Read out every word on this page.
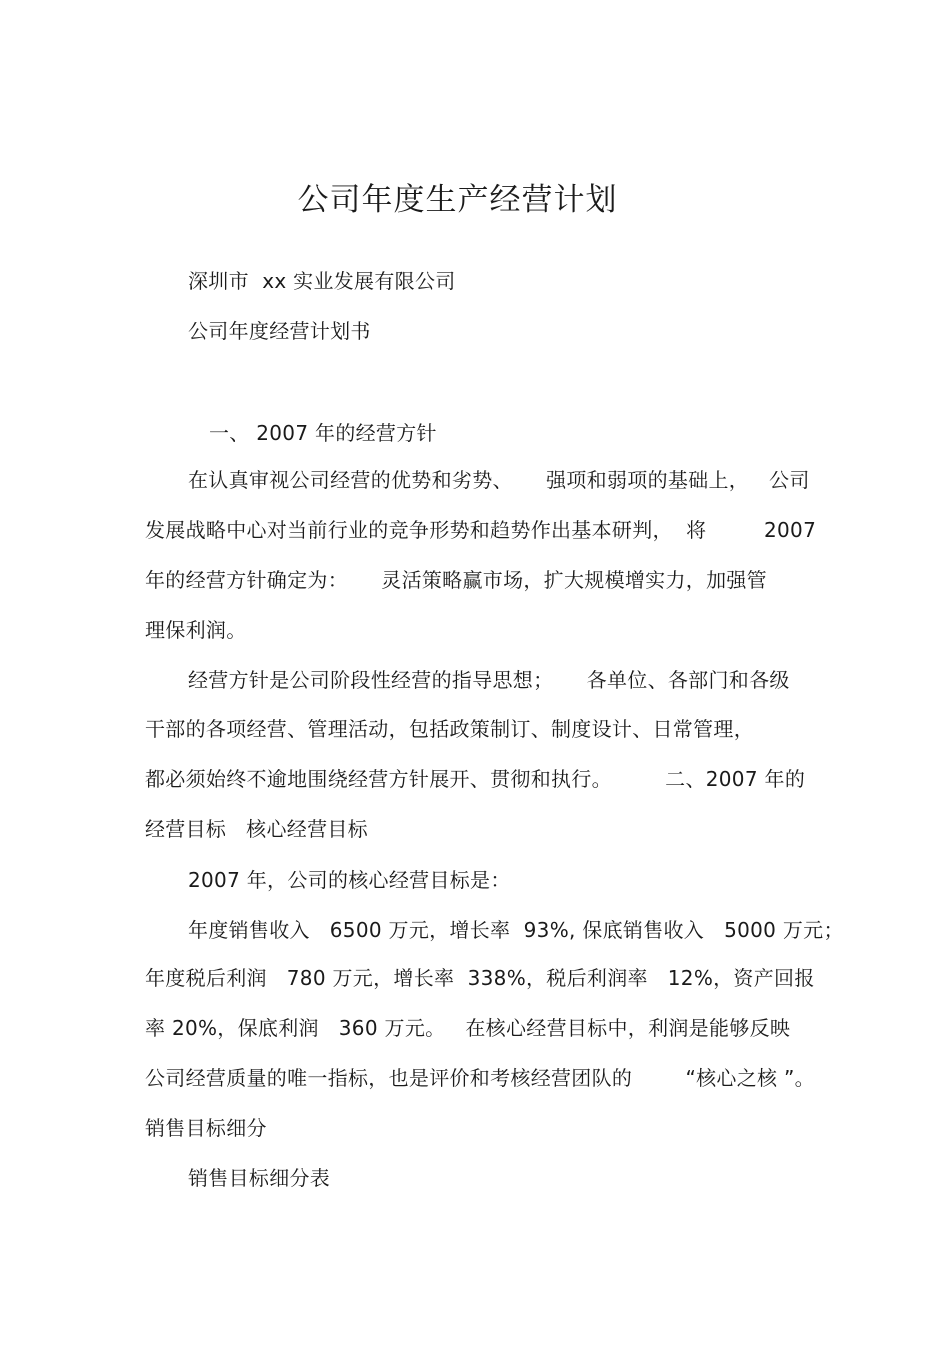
公司年度生产经营计划
深圳市  xx 实业发展有限公司
公司年度经营计划书
一、 2007 年的经营方针
在认真审视公司经营的优势和劣势、     强项和弱项的基础上，   公司
发展战略中心对当前行业的竞争形势和趋势作出基本研判，  将	2007
年的经营方针确定为：     灵活策略赢市场，扩大规模增实力，加强管
理保利润。
经营方针是公司阶段性经营的指导思想；     各单位、各部门和各级
干部的各项经营、管理活动，包括政策制订、制度设计、日常管理，
都必须始终不逾地围绕经营方针展开、贯彻和执行。        二、2007 年的
经营目标   核心经营目标
2007 年，公司的核心经营目标是：
年度销售收入   6500 万元，增长率  93%, 保底销售收入   5000 万元；
年度税后利润   780 万元，增长率  338%，税后利润率   12%，资产回报
率 20%，保底利润   360 万元。   在核心经营目标中，利润是能够反映
公司经营质量的唯一指标，也是评价和考核经营团队的        “核心之核 ”。
销售目标细分
销售目标细分表
